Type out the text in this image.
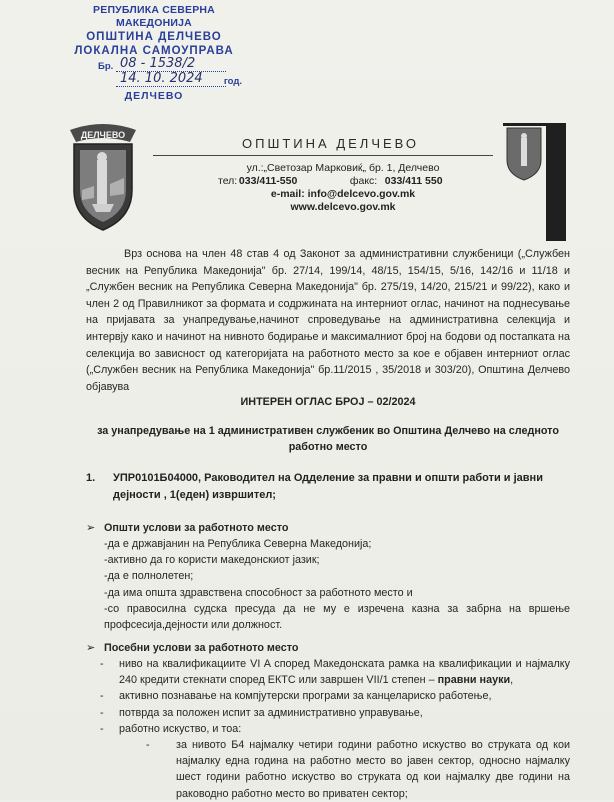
РЕПУБЛИКА СЕВЕРНА МАКЕДОНИЈА
ОПШТИНА ДЕЛЧЕВО
ЛОКАЛНА САМОУПРАВА
Бр. 08 - 1538/2
14. 10. 2024 год.
ДЕЛЧЕВО
ДЕЛЧЕВО
ОПШТИНА ДЕЛЧЕВО
ул.:„Светозар Марковиќ„ бр. 1, Делчево
тел: 033/411-550	факс: 033/411 550
e-mail: info@delcevo.gov.mk
www.delcevo.gov.mk
Врз основа на член 48 став 4 од Законот за административни службеници („Службен весник на Република Македонија" бр. 27/14, 199/14, 48/15, 154/15, 5/16, 142/16 и 11/18 и „Службен весник на Република Северна Македонија" бр. 275/19, 14/20, 215/21 и 99/22), како и член 2 од Правилникот за формата и содржината на интерниот оглас, начинот на поднесување на пријавата за унапредување,начинот спроведување на административна селекција и интервју како и начинот на нивното бодирање и максималниот број на бодови од постапката на селекција во зависност од категоријата на работното место за кое е објавен интерниот оглас („Службен весник на Република Македонија" бр.11/2015 , 35/2018 и 303/20), Општина Делчево објавува
ИНТЕРЕН ОГЛАС БРОЈ – 02/2024
за унапредување на 1 административен службеник во Општина Делчево на следното работно место
1. УПР0101Б04000, Раководител на Одделение за правни и општи работи и јавни дејности , 1(еден) извршител;
➢ Општи услови за работното место
-да е државјанин на Република Северна Македонија;
-активно да го користи македонскиот јазик;
-да е полнолетен;
-да има општа здравствена способност за работното место и
-со правосилна судска пресуда да не му е изречена казна за забрна на вршење профсесија,дејности или должност.
➢ Посебни услови за работното место
- ниво на квалификациите VI A според Македонската рамка на квалификации и најмалку 240 кредити стекнати според ЕКТС или завршен VII/1 степен – правни науки,
- активно познавање на компјутерски програми за канцелариско работење,
- потврда за положен испит за административно управување,
- работно искуство, и тоа:
- за нивото Б4 најмалку четири години работно искуство во струката од кои најмалку една година на работно место во јавен сектор, односно најмалку шест години работно искуство во струката од кои најмалку две години на раководно работно место во приватен сектор;
